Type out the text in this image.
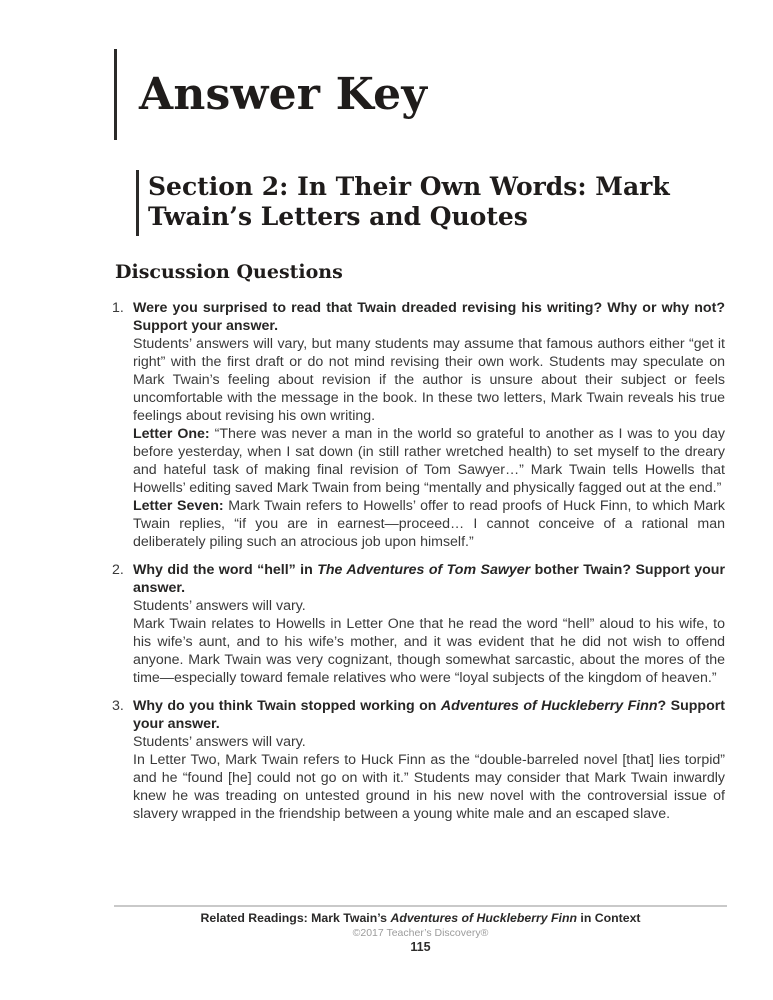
Answer Key
Section 2: In Their Own Words: Mark Twain’s Letters and Quotes
Discussion Questions
1. Were you surprised to read that Twain dreaded revising his writing? Why or why not? Support your answer.

Students’ answers will vary, but many students may assume that famous authors either “get it right” with the first draft or do not mind revising their own work. Students may speculate on Mark Twain’s feeling about revision if the author is unsure about their subject or feels uncomfortable with the message in the book. In these two letters, Mark Twain reveals his true feelings about revising his own writing.

Letter One: “There was never a man in the world so grateful to another as I was to you day before yesterday, when I sat down (in still rather wretched health) to set myself to the dreary and hateful task of making final revision of Tom Sawyer…” Mark Twain tells Howells that Howells’ editing saved Mark Twain from being “mentally and physically fagged out at the end.”

Letter Seven: Mark Twain refers to Howells’ offer to read proofs of Huck Finn, to which Mark Twain replies, “if you are in earnest—proceed… I cannot conceive of a rational man deliberately piling such an atrocious job upon himself.”

2. Why did the word “hell” in The Adventures of Tom Sawyer bother Twain? Support your answer.

Students’ answers will vary.

Mark Twain relates to Howells in Letter One that he read the word “hell” aloud to his wife, to his wife’s aunt, and to his wife’s mother, and it was evident that he did not wish to offend anyone. Mark Twain was very cognizant, though somewhat sarcastic, about the mores of the time—especially toward female relatives who were “loyal subjects of the kingdom of heaven.”

3. Why do you think Twain stopped working on Adventures of Huckleberry Finn? Support your answer.

Students’ answers will vary.

In Letter Two, Mark Twain refers to Huck Finn as the “double-barreled novel [that] lies torpid” and he “found [he] could not go on with it.” Students may consider that Mark Twain inwardly knew he was treading on untested ground in his new novel with the controversial issue of slavery wrapped in the friendship between a young white male and an escaped slave.

Related Readings: Mark Twain’s Adventures of Huckleberry Finn in Context

©2017 Teacher’s Discovery®

115
